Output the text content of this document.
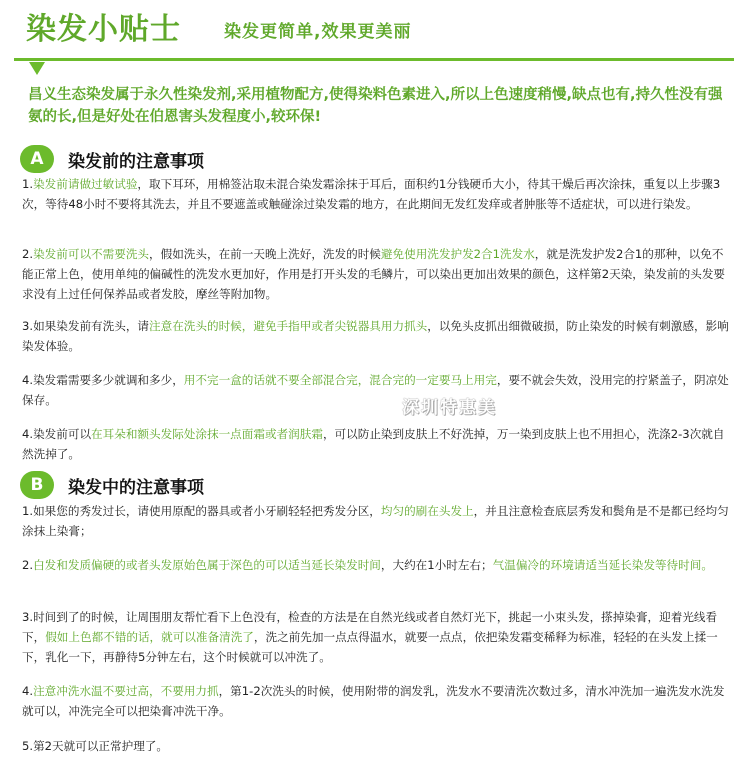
染发小贴士	染发更简单,效果更美丽
昌义生态染发属于永久性染发剂,采用植物配方,使得染料色素进入,所以上色速度稍慢,缺点也有,持久性没有强氨的长,但是好处在伯恩害头发程度小,较环保!
A	染发前的注意事项
1.染发前请做过敏试验，取下耳环，用棉签沾取未混合染发霜涂抹于耳后，面积约1分钱硬币大小，待其干燥后再次涂抹，重复以上步骤3次，等待48小时不要将其洗去，并且不要遮盖或触碰涂过染发霜的地方，在此期间无发红发痒或者肿胀等不适症状，可以进行染发。
2.染发前可以不需要洗头，假如洗头，在前一天晚上洗好，洗发的时候避免使用洗发护发2合1洗发水，就是洗发护发2合1的那种，以免不能正常上色，使用单纯的偏碱性的洗发水更加好，作用是打开头发的毛鳞片，可以染出更加出效果的颜色，这样第2天染，染发前的头发要求没有上过任何保养品或者发胶，摩丝等附加物。
3.如果染发前有洗头，请注意在洗头的时候，避免手指甲或者尖锐器具用力抓头，以免头皮抓出细微破损，防止染发的时候有刺激感，影响染发体验。
4.染发霜需要多少就调和多少，用不完一盒的话就不要全部混合完，混合完的一定要马上用完，要不就会失效，没用完的拧紧盖子，阴凉处保存。
4.染发前可以在耳朵和额头发际处涂抹一点面霜或者润肤霜，可以防止染到皮肤上不好洗掉，万一染到皮肤上也不用担心，洗涤2-3次就自然洗掉了。
深圳特惠美
B	染发中的注意事项
1.如果您的秀发过长，请使用原配的器具或者小牙刷轻轻把秀发分区，均匀的刷在头发上，并且注意检查底层秀发和鬓角是不是都已经均匀涂抹上染膏；
2.白发和发质偏硬的或者头发原始色属于深色的可以适当延长染发时间，大约在1小时左右；气温偏冷的环境请适当延长染发等待时间。
3.时间到了的时候，让周围朋友帮忙看下上色没有，检查的方法是在自然光线或者自然灯光下，挑起一小束头发，搽掉染膏，迎着光线看下，假如上色都不错的话，就可以准备清洗了，洗之前先加一点点得温水，就要一点点，依把染发霜变稀释为标准，轻轻的在头发上揉一下，乳化一下，再静待5分钟左右，这个时候就可以冲洗了。
4.注意冲洗水温不要过高，不要用力抓，第1-2次洗头的时候，使用附带的润发乳，洗发水不要清洗次数过多，清水冲洗加一遍洗发水洗发就可以，冲洗完全可以把染膏冲洗干净。
5.第2天就可以正常护理了。
